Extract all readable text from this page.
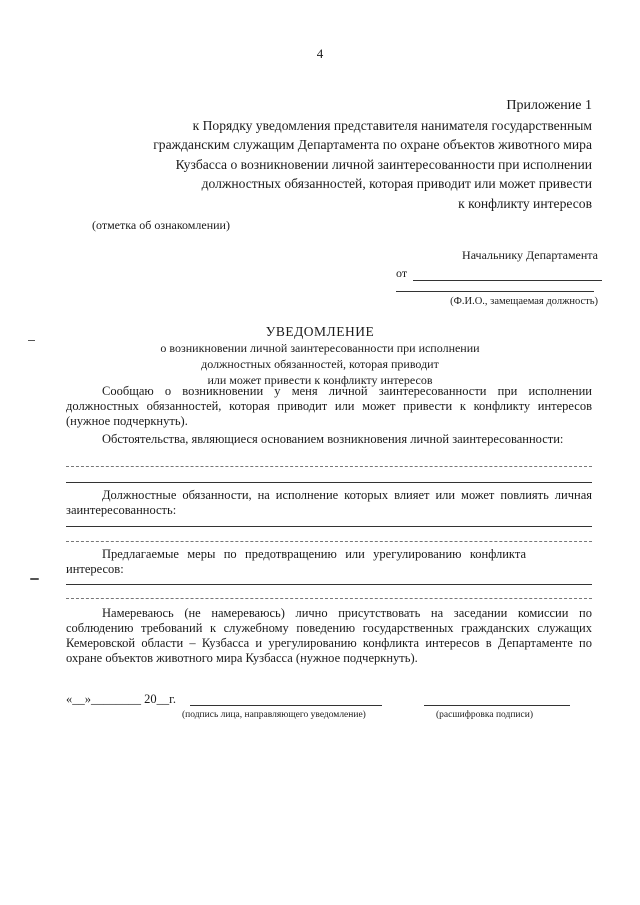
4
Приложение 1
к Порядку уведомления представителя нанимателя государственным
гражданским служащим Департамента по охране объектов животного мира
Кузбасса о возникновении личной заинтересованности при исполнении
должностных обязанностей, которая приводит или может привести
к конфликту интересов
(отметка об ознакомлении)
Начальнику Департамента
от
(Ф.И.О., замещаемая должность)
УВЕДОМЛЕНИЕ
о возникновении личной заинтересованности при исполнении
должностных обязанностей, которая приводит
или может привести к конфликту интересов
Сообщаю о возникновении у меня личной заинтересованности при исполнении должностных обязанностей, которая приводит или может привести к конфликту интересов (нужное подчеркнуть).
Обстоятельства, являющиеся основанием возникновения личной заинтересованности:
Должностные обязанности, на исполнение которых влияет или может повлиять личная заинтересованность:
Предлагаемые меры по предотвращению или урегулированию конфликта интересов:
Намереваюсь (не намереваюсь) лично присутствовать на заседании комиссии по соблюдению требований к служебному поведению государственных гражданских служащих Кемеровской области – Кузбасса и урегулированию конфликта интересов в Департаменте по охране объектов животного мира Кузбасса (нужное подчеркнуть).
«__»________ 20__г.
(подпись лица, направляющего уведомление)	(расшифровка подписи)
